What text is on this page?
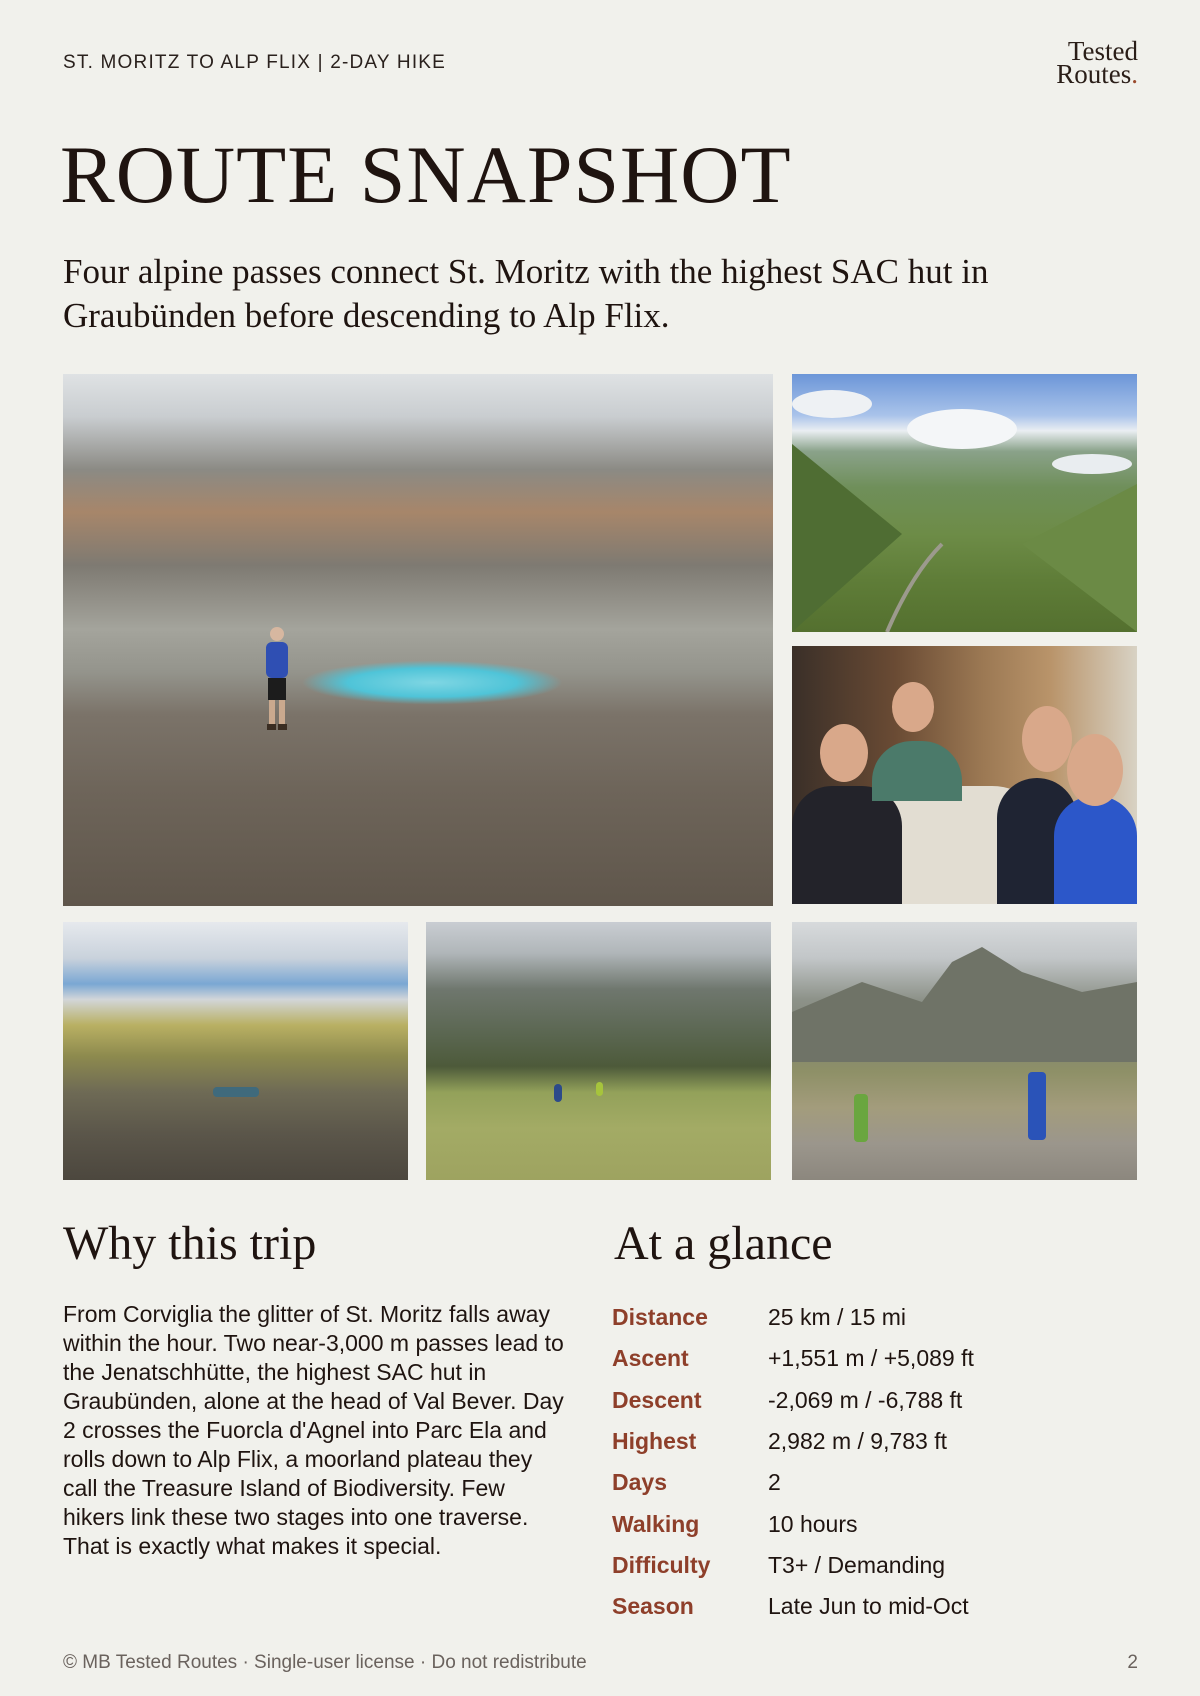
ST. MORITZ TO ALP FLIX | 2-DAY HIKE	Tested
Routes.
ROUTE SNAPSHOT

Four alpine passes connect St. Moritz with the highest SAC hut in Graubünden before descending to Alp Flix.

Why this trip

From Corviglia the glitter of St. Moritz falls away within the hour. Two near-3,000 m passes lead to the Jenatschhütte, the highest SAC hut in Graubünden, alone at the head of Val Bever. Day 2 crosses the Fuorcla d'Agnel into Parc Ela and rolls down to Alp Flix, a moorland plateau they call the Treasure Island of Biodiversity. Few hikers link these two stages into one traverse. That is exactly what makes it special.

At a glance
Distance	25 km / 15 mi
Ascent	+1,551 m / +5,089 ft
Descent	-2,069 m / -6,788 ft
Highest	2,982 m / 9,783 ft
Days	2
Walking	10 hours
Difficulty	T3+ / Demanding
Season	Late Jun to mid-Oct
© MB Tested Routes · Single-user license · Do not redistribute	2
